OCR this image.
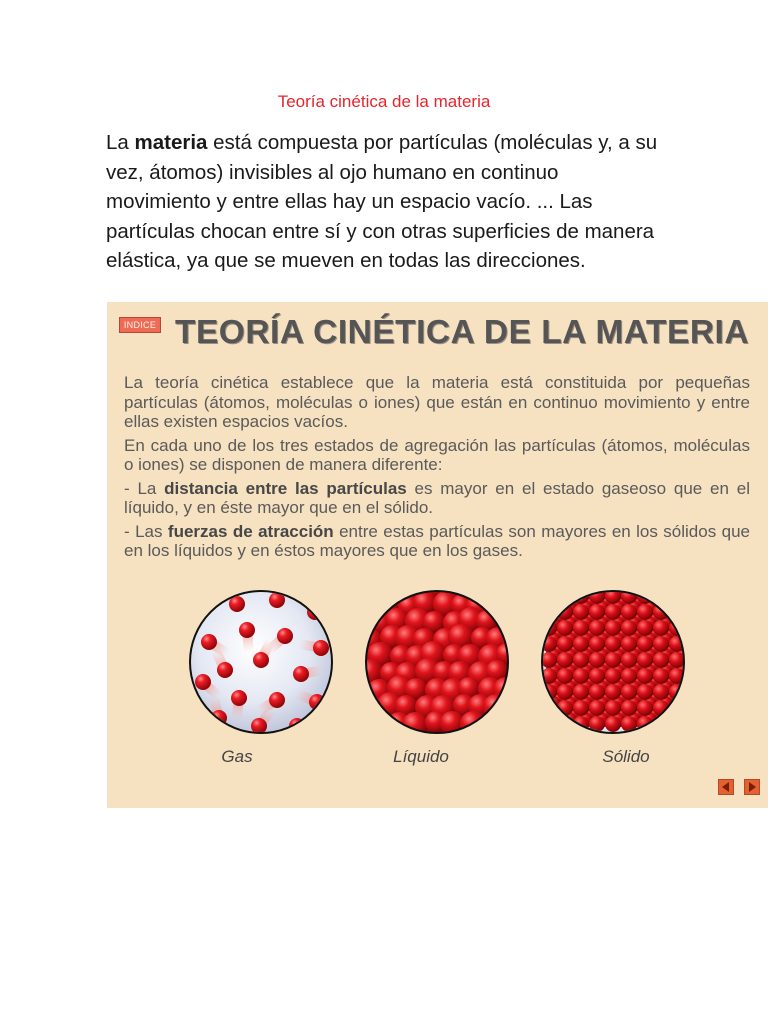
Teoría cinética de la materia
La materia está compuesta por partículas (moléculas y, a su vez, átomos) invisibles al ojo humano en continuo movimiento y entre ellas hay un espacio vacío. ... Las partículas chocan entre sí y con otras superficies de manera elástica, ya que se mueven en todas las direcciones.
INDICE TEORÍA CINÉTICA DE LA MATERIA

La teoría cinética establece que la materia está constituida por pequeñas partículas (átomos, moléculas o iones) que están en continuo movimiento y entre ellas existen espacios vacíos.

En cada uno de los tres estados de agregación las partículas (átomos, moléculas o iones) se disponen de manera diferente:

- La distancia entre las partículas es mayor en el estado gaseoso que en el líquido, y en éste mayor que en el sólido.

- Las fuerzas de atracción entre estas partículas son mayores en los sólidos que en los líquidos y en éstos mayores que en los gases.

Gas	Líquido	Sólido
